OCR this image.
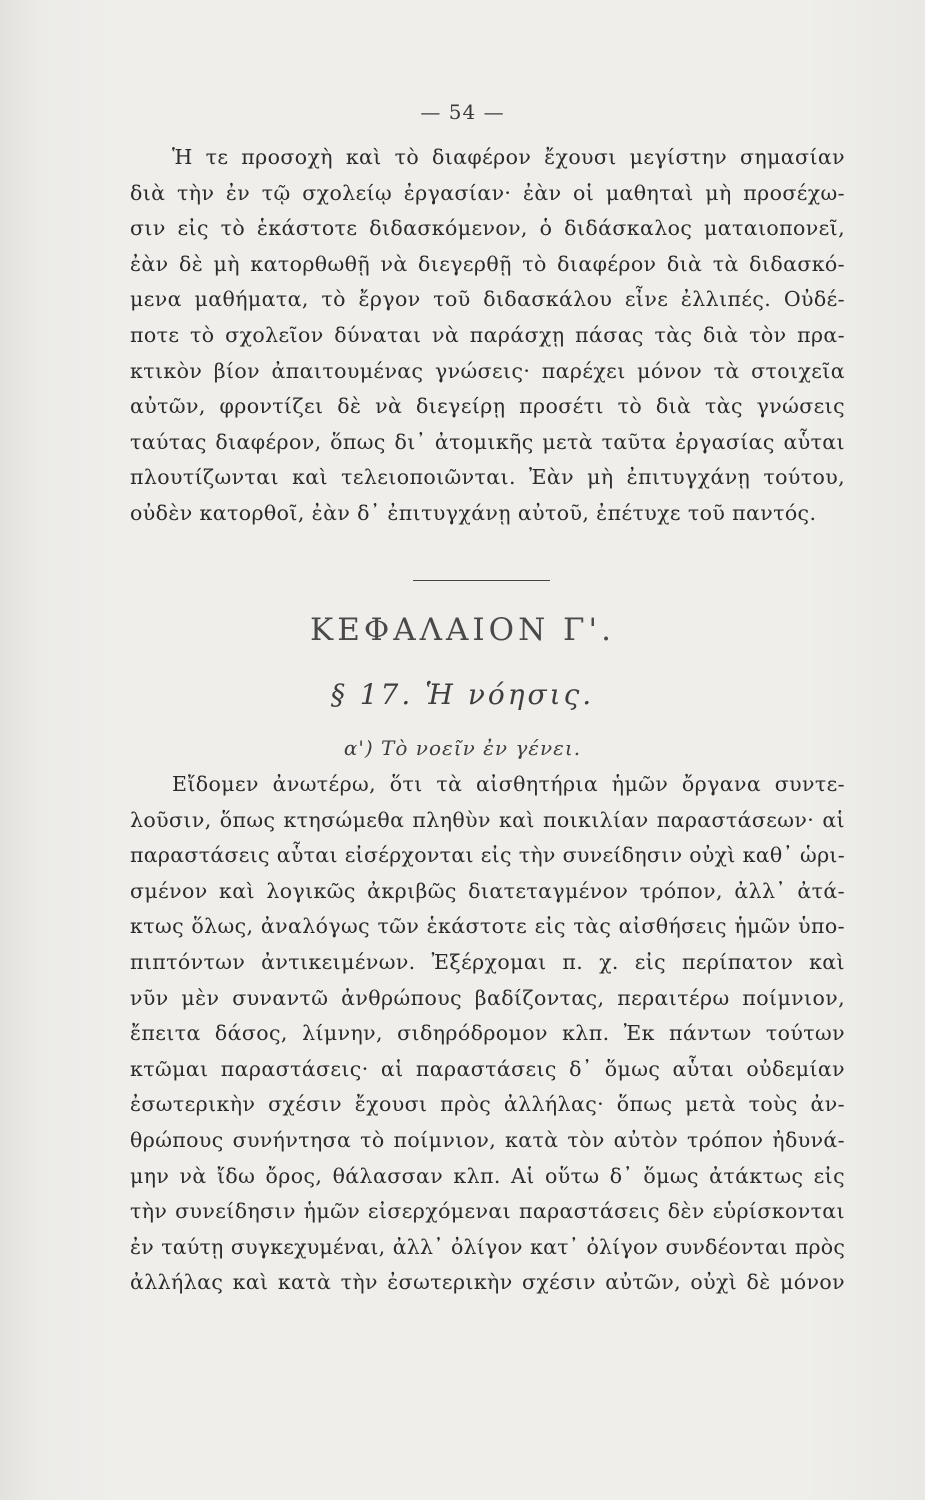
— 54 —
Ἡ τε προσοχὴ καὶ τὸ διαφέρον ἔχουσι μεγίστην σημασίαν
διὰ τὴν ἐν τῷ σχολείῳ ἐργασίαν· ἐὰν οἱ μαθηταὶ μὴ προσέχω-
σιν εἰς τὸ ἑκάστοτε διδασκόμενον, ὁ διδάσκαλος ματαιοπονεῖ,
ἐὰν δὲ μὴ κατορθωθῇ νὰ διεγερθῇ τὸ διαφέρον διὰ τὰ διδασκό-
μενα μαθήματα, τὸ ἔργον τοῦ διδασκάλου εἶνε ἐλλιπές. Οὐδέ-
ποτε τὸ σχολεῖον δύναται νὰ παράσχῃ πάσας τὰς διὰ τὸν πρα-
κτικὸν βίον ἀπαιτουμένας γνώσεις· παρέχει μόνον τὰ στοιχεῖα
αὐτῶν, φροντίζει δὲ νὰ διεγείρῃ προσέτι τὸ διὰ τὰς γνώσεις
ταύτας διαφέρον, ὅπως δι᾽ ἀτομικῆς μετὰ ταῦτα ἐργασίας αὗται
πλουτίζωνται καὶ τελειοποιῶνται. Ἐὰν μὴ ἐπιτυγχάνῃ τούτου,
οὐδὲν κατορθοῖ, ἐὰν δ᾽ ἐπιτυγχάνῃ αὐτοῦ, ἐπέτυχε τοῦ παντός.
ΚΕΦΑΛΑΙΟΝ Γ'.
§ 17. Ἡ νόησις.
α') Τὸ νοεῖν ἐν γένει.
Εἴδομεν ἀνωτέρω, ὅτι τὰ αἰσθητήρια ἡμῶν ὄργανα συντε-
λοῦσιν, ὅπως κτησώμεθα πληθὺν καὶ ποικιλίαν παραστάσεων· αἱ
παραστάσεις αὗται εἰσέρχονται εἰς τὴν συνείδησιν οὐχὶ καθ᾽ ὡρι-
σμένον καὶ λογικῶς ἀκριβῶς διατεταγμένον τρόπον, ἀλλ᾽ ἀτά-
κτως ὅλως, ἀναλόγως τῶν ἑκάστοτε εἰς τὰς αἰσθήσεις ἡμῶν ὑπο-
πιπτόντων ἀντικειμένων. Ἐξέρχομαι π. χ. εἰς περίπατον καὶ
νῦν μὲν συναντῶ ἀνθρώπους βαδίζοντας, περαιτέρω ποίμνιον,
ἔπειτα δάσος, λίμνην, σιδηρόδρομον κλπ. Ἐκ πάντων τούτων
κτῶμαι παραστάσεις· αἱ παραστάσεις δ᾽ ὅμως αὗται οὐδεμίαν
ἐσωτερικὴν σχέσιν ἔχουσι πρὸς ἀλλήλας· ὅπως μετὰ τοὺς ἀν-
θρώπους συνήντησα τὸ ποίμνιον, κατὰ τὸν αὐτὸν τρόπον ἠδυνά-
μην νὰ ἴδω ὄρος, θάλασσαν κλπ. Αἱ οὕτω δ᾽ ὅμως ἀτάκτως εἰς
τὴν συνείδησιν ἡμῶν εἰσερχόμεναι παραστάσεις δὲν εὑρίσκονται
ἐν ταύτῃ συγκεχυμέναι, ἀλλ᾽ ὀλίγον κατ᾽ ὀλίγον συνδέονται πρὸς
ἀλλήλας καὶ κατὰ τὴν ἐσωτερικὴν σχέσιν αὐτῶν, οὐχὶ δὲ μόνον
